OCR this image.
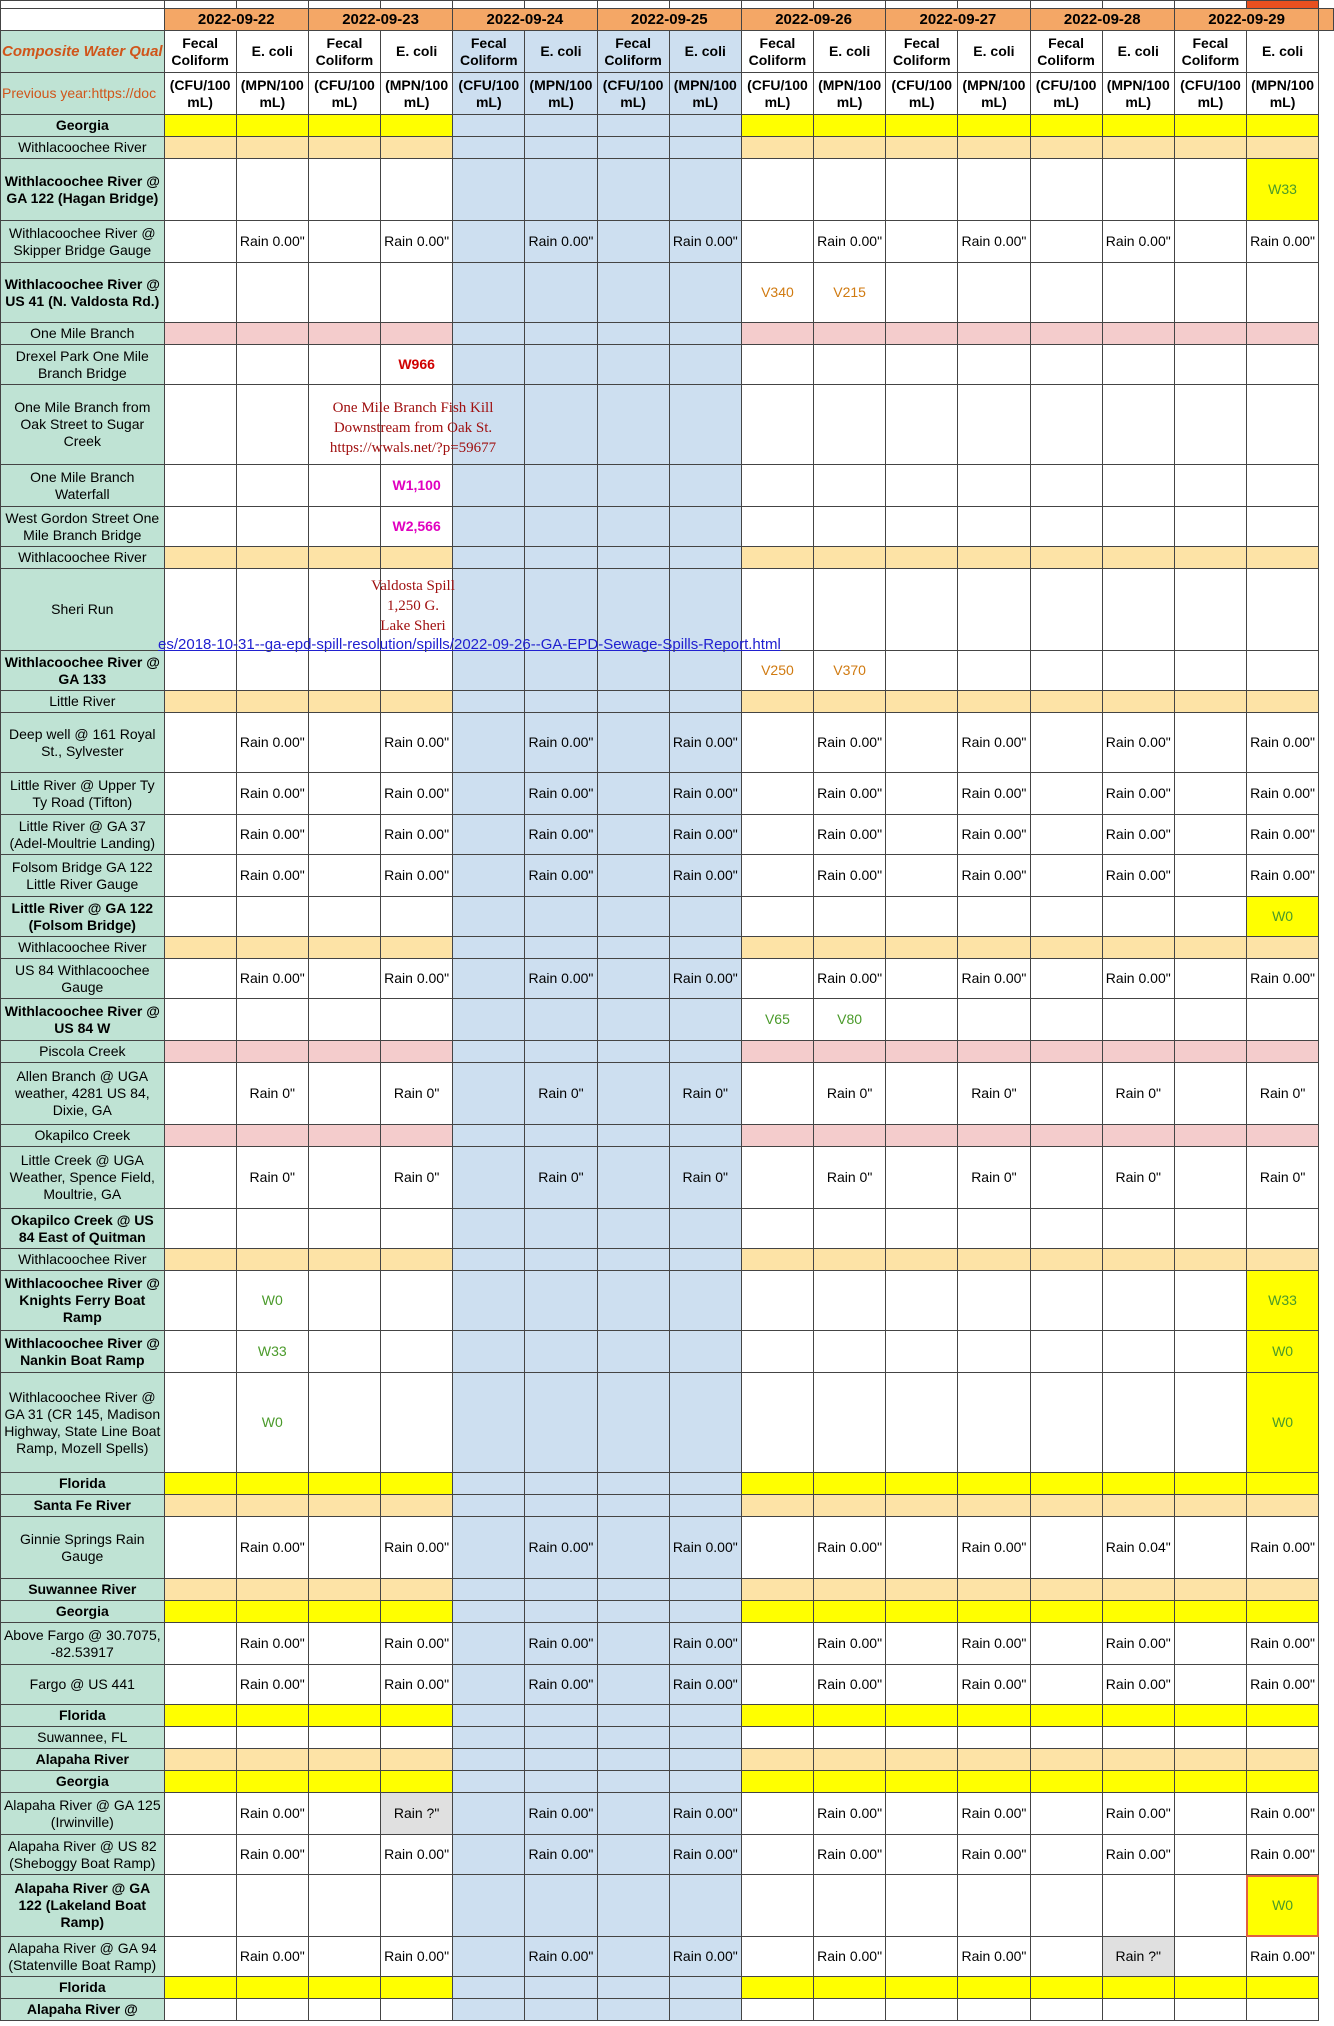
	2022-09-22		2022-09-23		2022-09-24		2022-09-25		2022-09-26		2022-09-27		2022-09-28		2022-09-29		
Composite Water Qual	Fecal Coliform	E. coli	Fecal Coliform	E. coli	Fecal Coliform	E. coli	Fecal Coliform	E. coli	Fecal Coliform	E. coli	Fecal Coliform	E. coli	Fecal Coliform	E. coli	Fecal Coliform	E. coli	
Previous year:https://doc	(CFU/100 mL)	(MPN/100 mL)	(CFU/100 mL)	(MPN/100 mL)	(CFU/100 mL)	(MPN/100 mL)	(CFU/100 mL)	(MPN/100 mL)	(CFU/100 mL)	(MPN/100 mL)	(CFU/100 mL)	(MPN/100 mL)	(CFU/100 mL)	(MPN/100 mL)	(CFU/100 mL)	(MPN/100 mL)	
Georgia																	
Withlacoochee River																	
Withlacoochee River @ GA 122 (Hagan Bridge)																W33	
Withlacoochee River @ Skipper Bridge Gauge		Rain 0.00"		Rain 0.00"		Rain 0.00"		Rain 0.00"		Rain 0.00"		Rain 0.00"		Rain 0.00"		Rain 0.00"	
Withlacoochee River @ US 41 (N. Valdosta Rd.)									V340	V215							
One Mile Branch																	
Drexel Park One Mile Branch Bridge				W966													
One Mile Branch from Oak Street to Sugar Creek																	
One Mile Branch Waterfall				W1,100													
West Gordon Street One Mile Branch Bridge				W2,566													
Withlacoochee River																	
Sheri Run																	
Withlacoochee River @ GA 133									V250	V370							
Little River																	
Deep well @ 161 Royal St., Sylvester		Rain 0.00"		Rain 0.00"		Rain 0.00"		Rain 0.00"		Rain 0.00"		Rain 0.00"		Rain 0.00"		Rain 0.00"	
Little River @ Upper Ty Ty Road (Tifton)		Rain 0.00"		Rain 0.00"		Rain 0.00"		Rain 0.00"		Rain 0.00"		Rain 0.00"		Rain 0.00"		Rain 0.00"	
Little River @ GA 37 (Adel-Moultrie Landing)		Rain 0.00"		Rain 0.00"		Rain 0.00"		Rain 0.00"		Rain 0.00"		Rain 0.00"		Rain 0.00"		Rain 0.00"	
Folsom Bridge GA 122 Little River Gauge		Rain 0.00"		Rain 0.00"		Rain 0.00"		Rain 0.00"		Rain 0.00"		Rain 0.00"		Rain 0.00"		Rain 0.00"	
Little River @ GA 122 (Folsom Bridge)																W0	
Withlacoochee River																	
US 84 Withlacoochee Gauge		Rain 0.00"		Rain 0.00"		Rain 0.00"		Rain 0.00"		Rain 0.00"		Rain 0.00"		Rain 0.00"		Rain 0.00"	
Withlacoochee River @ US 84 W									V65	V80							
Piscola Creek																	
Allen Branch @ UGA weather, 4281 US 84, Dixie, GA		Rain 0"		Rain 0"		Rain 0"		Rain 0"		Rain 0"		Rain 0"		Rain 0"		Rain 0"	
Okapilco Creek																	
Little Creek @ UGA Weather, Spence Field, Moultrie, GA		Rain 0"		Rain 0"		Rain 0"		Rain 0"		Rain 0"		Rain 0"		Rain 0"		Rain 0"	
Okapilco Creek @ US 84 East of Quitman																	
Withlacoochee River																	
Withlacoochee River @ Knights Ferry Boat Ramp		W0														W33	
Withlacoochee River @ Nankin Boat Ramp		W33														W0	
Withlacoochee River @ GA 31 (CR 145, Madison Highway, State Line Boat Ramp, Mozell Spells)		W0														W0	
Florida																	
Santa Fe River																	
Ginnie Springs Rain Gauge		Rain 0.00"		Rain 0.00"		Rain 0.00"		Rain 0.00"		Rain 0.00"		Rain 0.00"		Rain 0.04"		Rain 0.00"	
Suwannee River																	
Georgia																	
Above Fargo @ 30.7075, -82.53917		Rain 0.00"		Rain 0.00"		Rain 0.00"		Rain 0.00"		Rain 0.00"		Rain 0.00"		Rain 0.00"		Rain 0.00"	
Fargo @ US 441		Rain 0.00"		Rain 0.00"		Rain 0.00"		Rain 0.00"		Rain 0.00"		Rain 0.00"		Rain 0.00"		Rain 0.00"	
Florida																	
Suwannee, FL																	
Alapaha River																	
Georgia																	
Alapaha River @ GA 125 (Irwinville)		Rain 0.00"		Rain ?"		Rain 0.00"		Rain 0.00"		Rain 0.00"		Rain 0.00"		Rain 0.00"		Rain 0.00"	
Alapaha River @ US 82 (Sheboggy Boat Ramp)		Rain 0.00"		Rain 0.00"		Rain 0.00"		Rain 0.00"		Rain 0.00"		Rain 0.00"		Rain 0.00"		Rain 0.00"	
Alapaha River @ GA 122 (Lakeland Boat Ramp)																W0	
Alapaha River @ GA 94 (Statenville Boat Ramp)		Rain 0.00"		Rain 0.00"		Rain 0.00"		Rain 0.00"		Rain 0.00"		Rain 0.00"		Rain ?"		Rain 0.00"	
Florida																	
Alapaha River @																	
One Mile Branch Fish Kill Downstream from Oak St. https://wwals.net/?p=59677
Valdosta Spill
1,250 G.
Lake Sheri
es/2018-10-31--ga-epd-spill-resolution/spills/2022-09-26--GA-EPD-Sewage-Spills-Report.html
